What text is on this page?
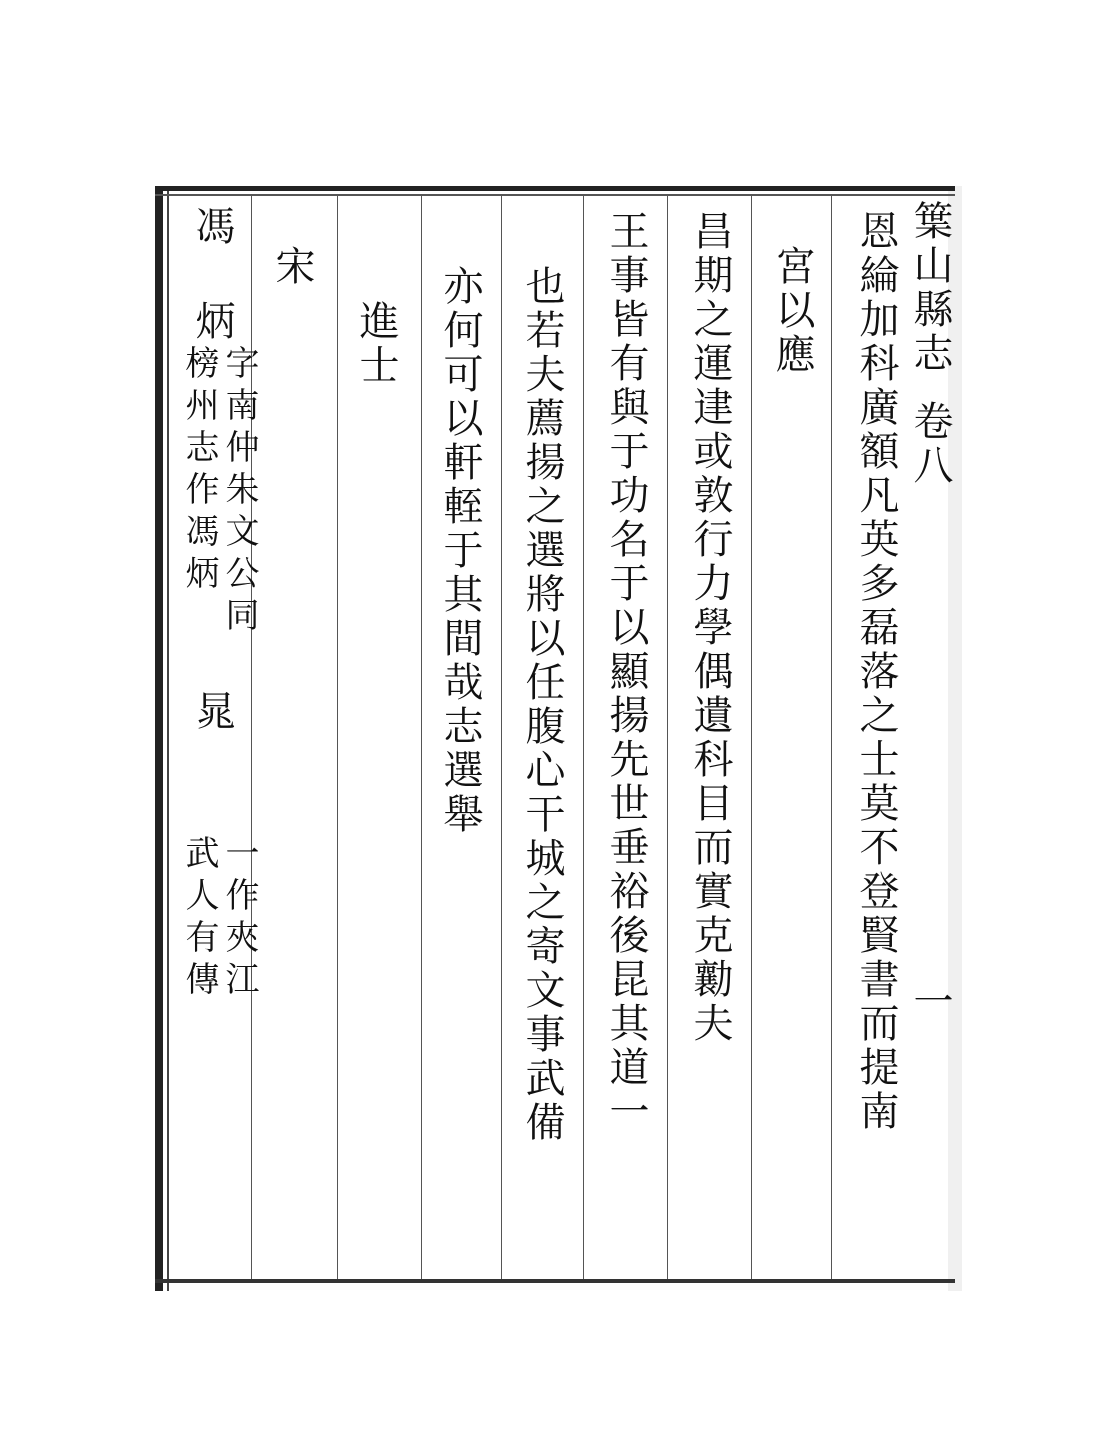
䈎山縣志
卷八
一
恩綸加科廣額凡英多磊落之士莫不登賢書而提南
宮以應
昌期之運䢖或敦行力學偶遺科目而實克勷夫
王事皆有與于功名于以顯揚先世垂裕後昆其道一
也若夫薦揚之選將以任腹心干城之寄文事武備
亦何可以軒輊于其間哉志選舉
進士
宋
馮
炳
字南仲朱文公同
榜州志作馮炳
晁
一作夾江
武人有傳
